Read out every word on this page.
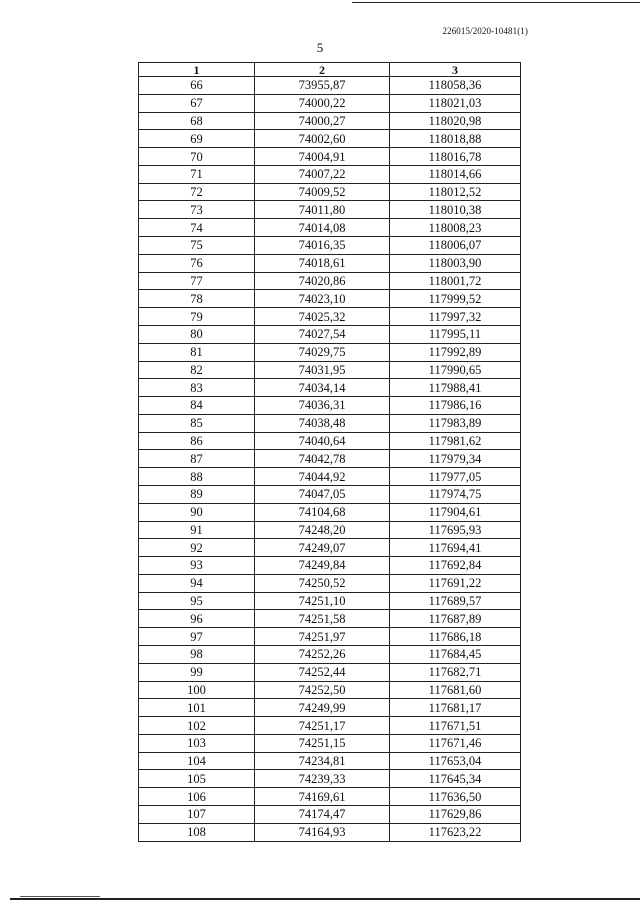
226015/2020-10481(1)
5
1	2	3
66	73955,87	118058,36
67	74000,22	118021,03
68	74000,27	118020,98
69	74002,60	118018,88
70	74004,91	118016,78
71	74007,22	118014,66
72	74009,52	118012,52
73	74011,80	118010,38
74	74014,08	118008,23
75	74016,35	118006,07
76	74018,61	118003,90
77	74020,86	118001,72
78	74023,10	117999,52
79	74025,32	117997,32
80	74027,54	117995,11
81	74029,75	117992,89
82	74031,95	117990,65
83	74034,14	117988,41
84	74036,31	117986,16
85	74038,48	117983,89
86	74040,64	117981,62
87	74042,78	117979,34
88	74044,92	117977,05
89	74047,05	117974,75
90	74104,68	117904,61
91	74248,20	117695,93
92	74249,07	117694,41
93	74249,84	117692,84
94	74250,52	117691,22
95	74251,10	117689,57
96	74251,58	117687,89
97	74251,97	117686,18
98	74252,26	117684,45
99	74252,44	117682,71
100	74252,50	117681,60
101	74249,99	117681,17
102	74251,17	117671,51
103	74251,15	117671,46
104	74234,81	117653,04
105	74239,33	117645,34
106	74169,61	117636,50
107	74174,47	117629,86
108	74164,93	117623,22
